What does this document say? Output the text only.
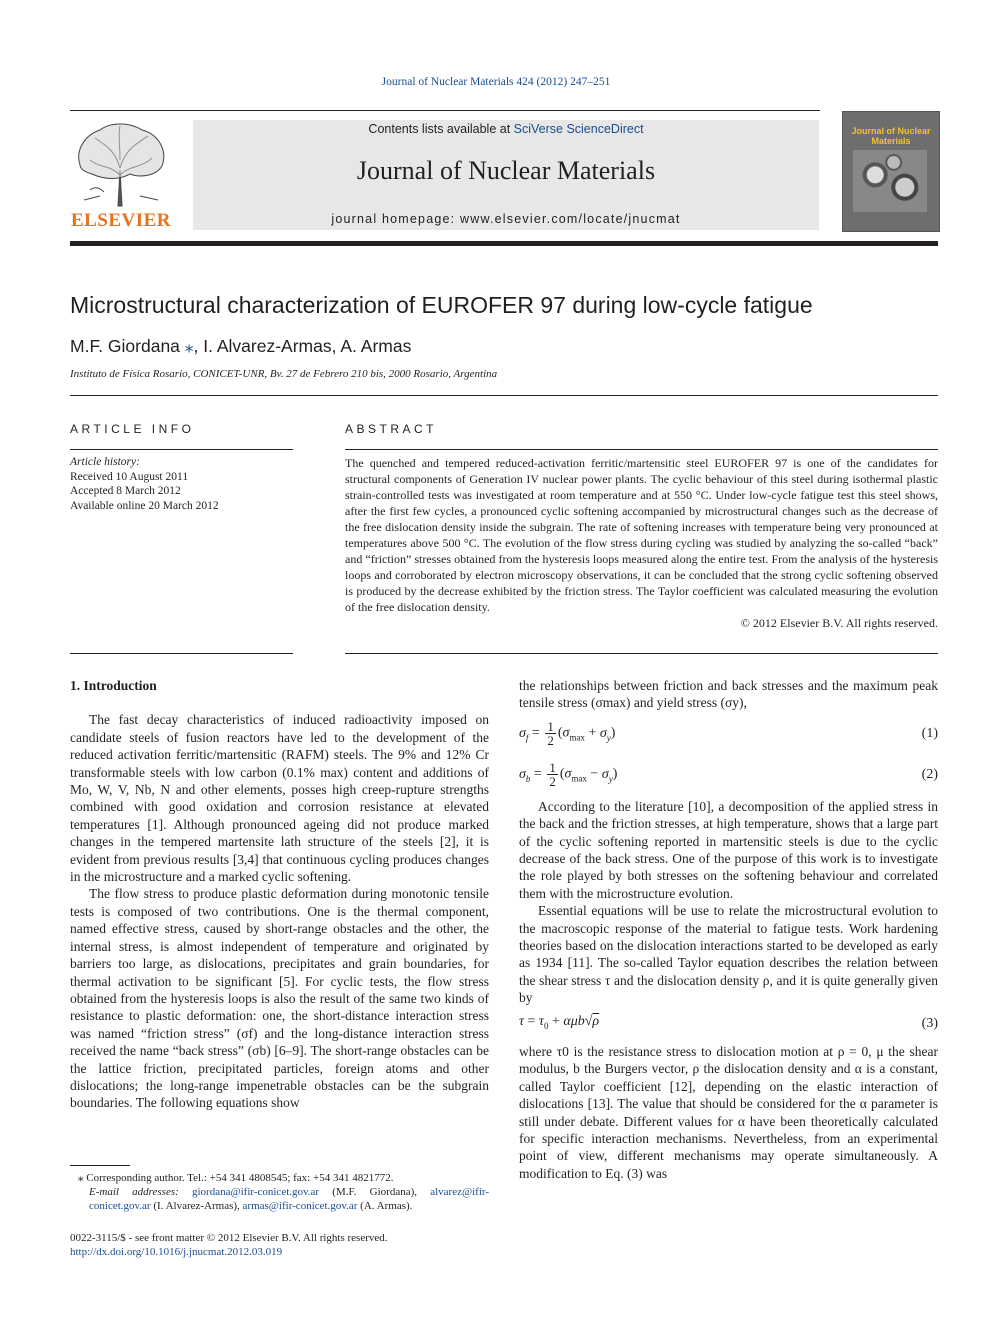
Journal of Nuclear Materials 424 (2012) 247–251
ELSEVIER
Contents lists available at SciVerse ScienceDirect
Journal of Nuclear Materials
journal homepage: www.elsevier.com/locate/jnucmat
Journal of Nuclear Materials
Microstructural characterization of EUROFER 97 during low-cycle fatigue
M.F. Giordana ⁎, I. Alvarez-Armas, A. Armas
Instituto de Física Rosario, CONICET-UNR, Bv. 27 de Febrero 210 bis, 2000 Rosario, Argentina
ARTICLE INFO
Article history:
Received 10 August 2011
Accepted 8 March 2012
Available online 20 March 2012
ABSTRACT
The quenched and tempered reduced-activation ferritic/martensitic steel EUROFER 97 is one of the candidates for structural components of Generation IV nuclear power plants. The cyclic behaviour of this steel during isothermal plastic strain-controlled tests was investigated at room temperature and at 550 °C. Under low-cycle fatigue test this steel shows, after the first few cycles, a pronounced cyclic softening accompanied by microstructural changes such as the decrease of the free dislocation density inside the subgrain. The rate of softening increases with temperature being very pronounced at temperatures above 500 °C. The evolution of the flow stress during cycling was studied by analyzing the so-called “back” and “friction” stresses obtained from the hysteresis loops measured along the entire test. From the analysis of the hysteresis loops and corroborated by electron microscopy observations, it can be concluded that the strong cyclic softening observed is produced by the decrease exhibited by the friction stress. The Taylor coefficient was calculated measuring the evolution of the free dislocation density.
© 2012 Elsevier B.V. All rights reserved.

1. Introduction

The fast decay characteristics of induced radioactivity imposed on candidate steels of fusion reactors have led to the development of the reduced activation ferritic/martensitic (RAFM) steels. The 9% and 12% Cr transformable steels with low carbon (0.1% max) content and additions of Mo, W, V, Nb, N and other elements, posses high creep-rupture strengths combined with good oxidation and corrosion resistance at elevated temperatures [1]. Although pronounced ageing did not produce marked changes in the tempered martensite lath structure of the steels [2], it is evident from previous results [3,4] that continuous cycling produces changes in the microstructure and a marked cyclic softening.

The flow stress to produce plastic deformation during monotonic tensile tests is composed of two contributions. One is the thermal component, named effective stress, caused by short-range obstacles and the other, the internal stress, is almost independent of temperature and originated by barriers too large, as dislocations, precipitates and grain boundaries, for thermal activation to be significant [5]. For cyclic tests, the flow stress obtained from the hysteresis loops is also the result of the same two kinds of resistance to plastic deformation: one, the short-distance interaction stress was named “friction stress” (σf) and the long-distance interaction stress received the name “back stress” (σb) [6–9]. The short-range obstacles can be the lattice friction, precipitated particles, foreign atoms and other dislocations; the long-range impenetrable obstacles can be the subgrain boundaries. The following equations show

⁎ Corresponding author. Tel.: +54 341 4808545; fax: +54 341 4821772.
E-mail addresses: giordana@ifir-conicet.gov.ar (M.F. Giordana), alvarez@ifir-conicet.gov.ar (I. Alvarez-Armas), armas@ifir-conicet.gov.ar (A. Armas).
0022-3115/$ - see front matter © 2012 Elsevier B.V. All rights reserved.
http://dx.doi.org/10.1016/j.jnucmat.2012.03.019

the relationships between friction and back stresses and the maximum peak tensile stress (σmax) and yield stress (σy),

$\sigma_f = \frac{1}{2} (\sigma_{max} + \sigma_y)$	(1)
$\sigma_b = \frac{1}{2} (\sigma_{max} - \sigma_y)$	(2)

According to the literature [10], a decomposition of the applied stress in the back and the friction stresses, at high temperature, shows that a large part of the cyclic softening reported in martensitic steels is due to the cyclic decrease of the back stress. One of the purpose of this work is to investigate the role played by both stresses on the softening behaviour and correlated them with the microstructure evolution.

Essential equations will be use to relate the microstructural evolution to the macroscopic response of the material to fatigue tests. Work hardening theories based on the dislocation interactions started to be developed as early as 1934 [11]. The so-called Taylor equation describes the relation between the shear stress τ and the dislocation density ρ, and it is quite generally given by

$\tau = \tau_0 + \alpha\mu b√\rho$	(3)

where τ0 is the resistance stress to dislocation motion at ρ = 0, μ the shear modulus, b the Burgers vector, ρ the dislocation density and α is a constant, called Taylor coefficient [12], depending on the elastic interaction of dislocations [13]. The value that should be considered for the α parameter is still under debate. Different values for α have been theoretically calculated for specific interaction mechanisms. Nevertheless, from an experimental point of view, different mechanisms may operate simultaneously. A modification to Eq. (3) was
